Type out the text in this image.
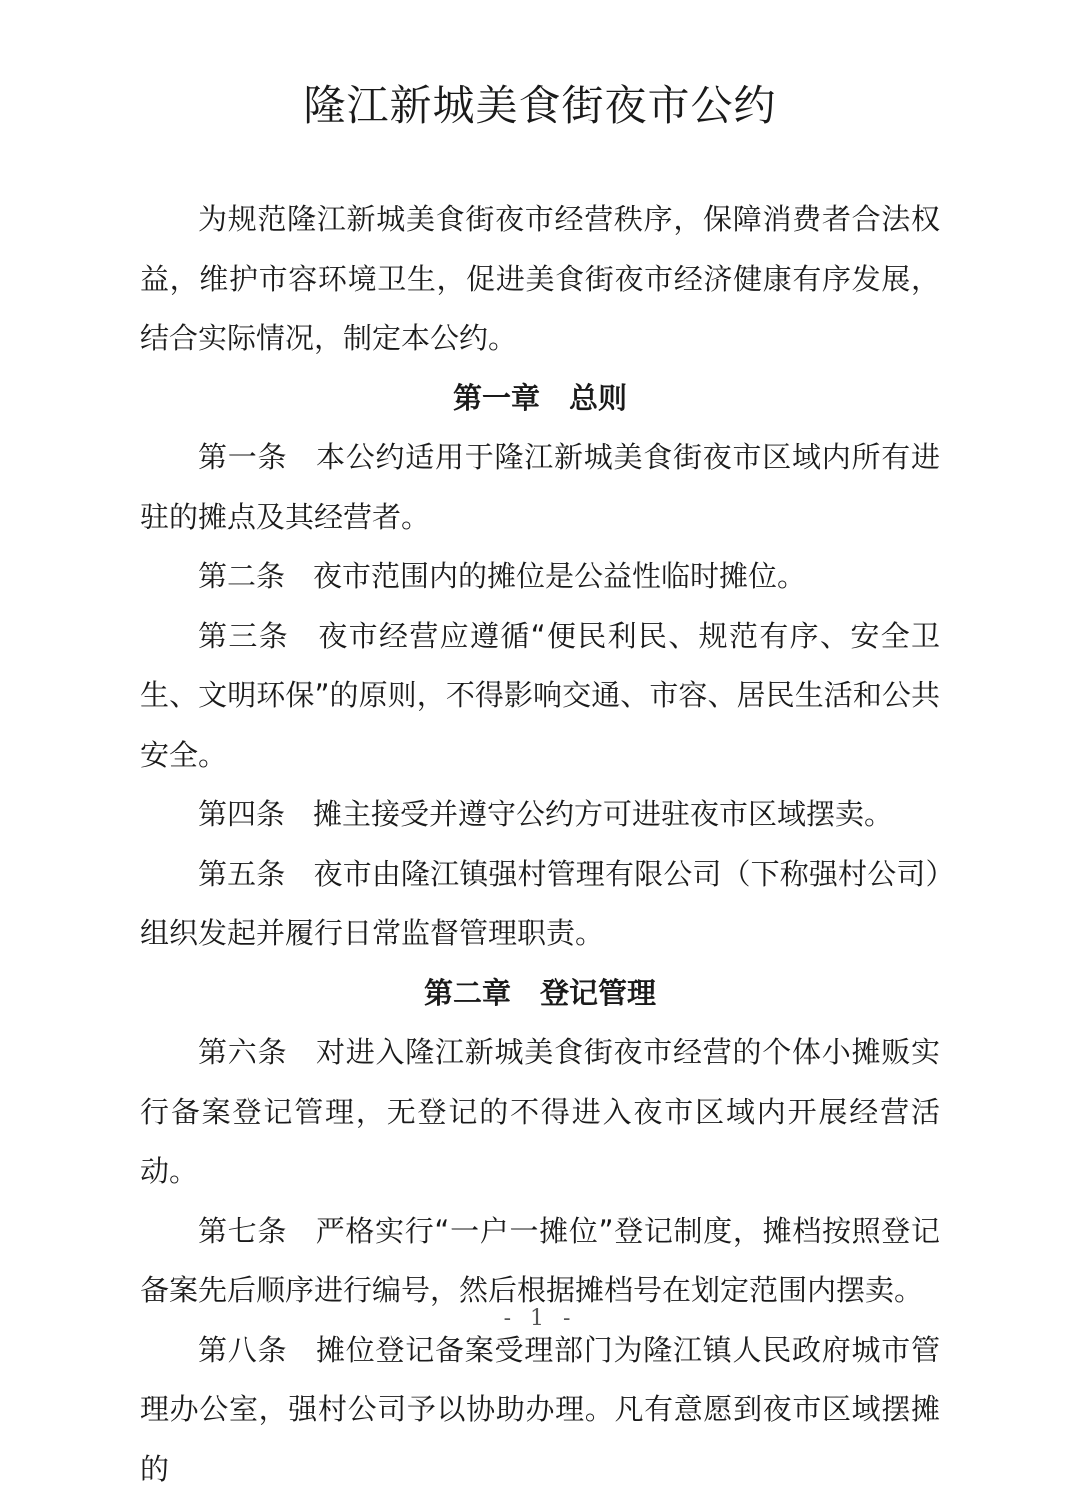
隆江新城美食街夜市公约

为规范隆江新城美食街夜市经营秩序，保障消费者合法权益，维护市容环境卫生，促进美食街夜市经济健康有序发展，结合实际情况，制定本公约。

第一章　总则

第一条 本公约适用于隆江新城美食街夜市区域内所有进驻的摊点及其经营者。

第二条 夜市范围内的摊位是公益性临时摊位。

第三条 夜市经营应遵循“便民利民、规范有序、安全卫生、文明环保”的原则，不得影响交通、市容、居民生活和公共安全。

第四条 摊主接受并遵守公约方可进驻夜市区域摆卖。

第五条 夜市由隆江镇强村管理有限公司（下称强村公司）组织发起并履行日常监督管理职责。

第二章　登记管理

第六条 对进入隆江新城美食街夜市经营的个体小摊贩实行备案登记管理，无登记的不得进入夜市区域内开展经营活动。

第七条 严格实行“一户一摊位”登记制度，摊档按照登记备案先后顺序进行编号，然后根据摊档号在划定范围内摆卖。

第八条 摊位登记备案受理部门为隆江镇人民政府城市管理办公室，强村公司予以协助办理。凡有意愿到夜市区域摆摊的

- 1 -
